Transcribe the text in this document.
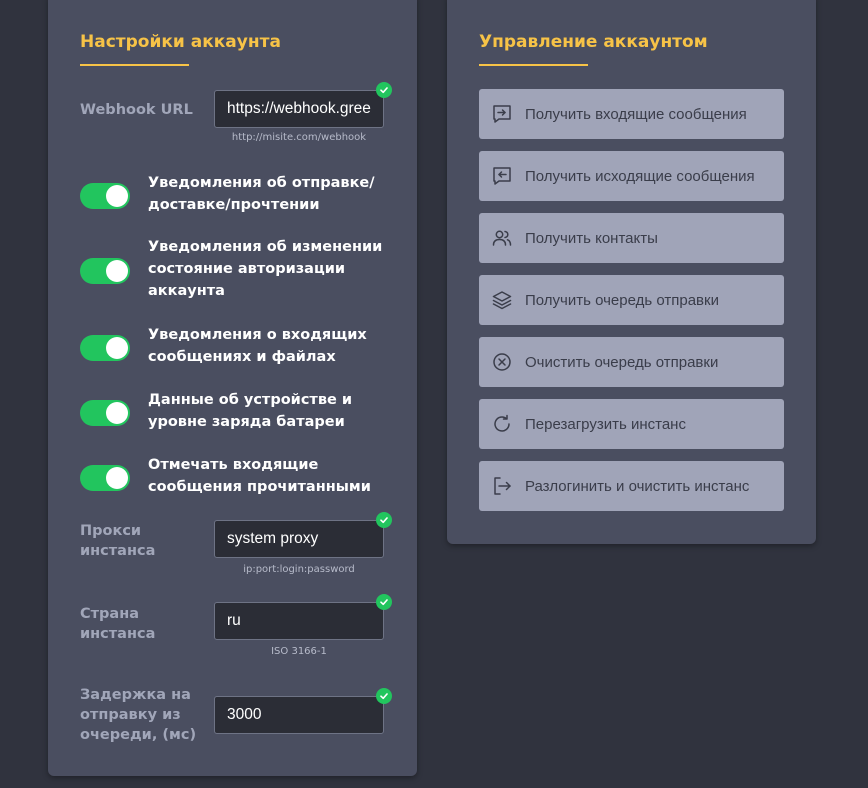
Настройки аккаунта
Webhook URL
https://webhook.green-api.com
http://misite.com/webhook
Уведомления об отправке/доставке/прочтении
Уведомления об изменении состояние авторизации аккаунта
Уведомления о входящих сообщениях и файлах
Данные об устройстве и уровне заряда батареи
Отмечать входящие сообщения прочитанными
Прокси инстанса
system proxy
ip:port:login:password
Страна инстанса
ru
ISO 3166-1
Задержка на отправку из очереди, (мс)
3000
Управление аккаунтом
Получить входящие сообщения
Получить исходящие сообщения
Получить контакты
Получить очередь отправки
Очистить очередь отправки
Перезагрузить инстанс
Разлогинить и очистить инстанс
